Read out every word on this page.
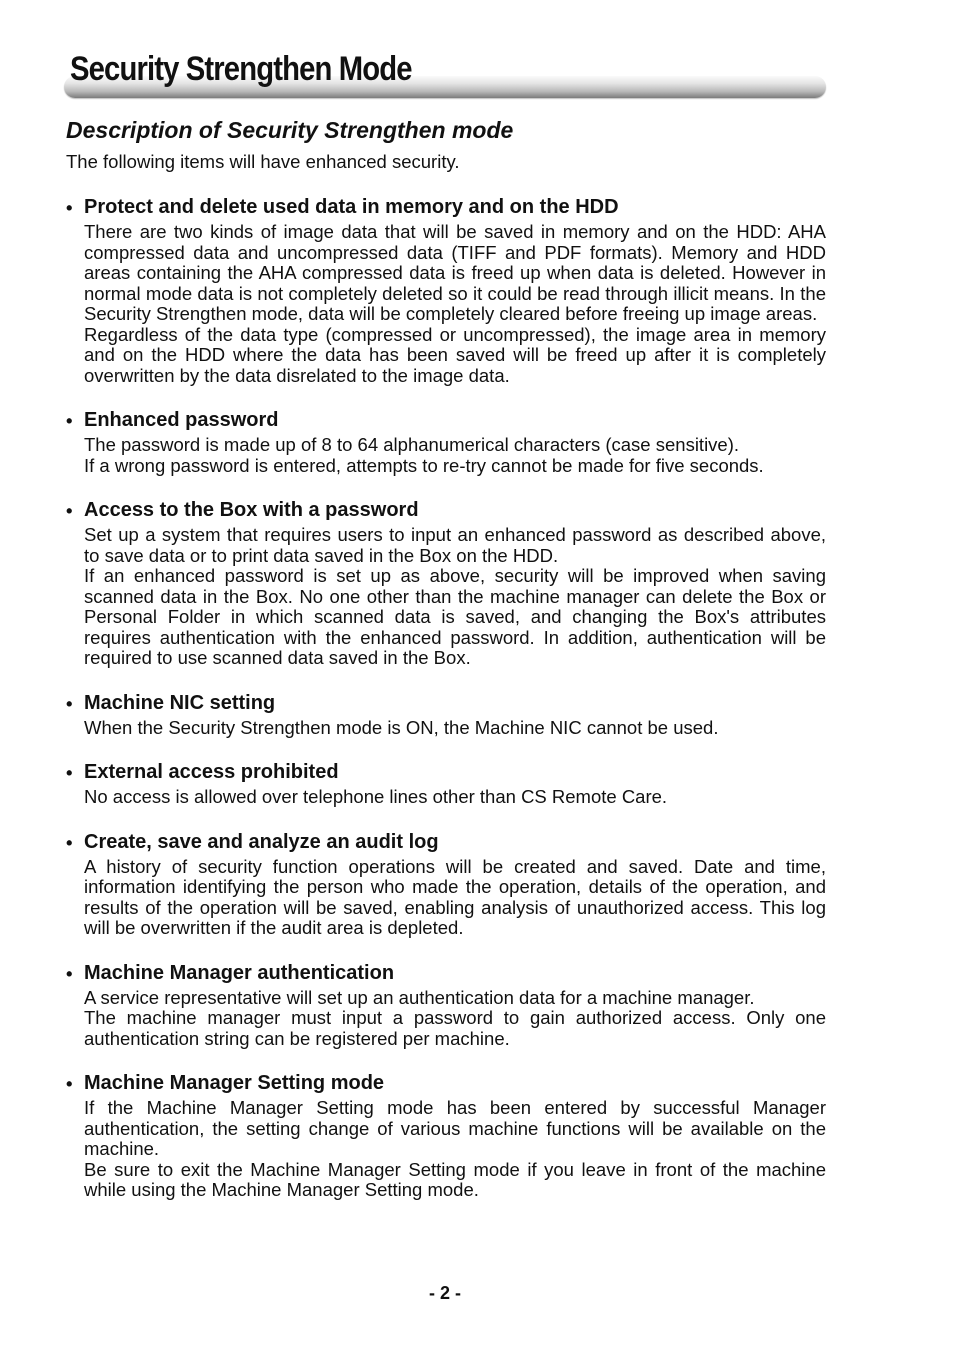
Security Strengthen Mode
Description of Security Strengthen mode

The following items will have enhanced security.

• Protect and delete used data in memory and on the HDD

There are two kinds of image data that will be saved in memory and on the HDD: AHA compressed data and uncompressed data (TIFF and PDF formats). Memory and HDD areas containing the AHA compressed data is freed up when data is deleted. However in normal mode data is not completely deleted so it could be read through illicit means. In the Security Strengthen mode, data will be completely cleared before freeing up image areas.

Regardless of the data type (compressed or uncompressed), the image area in memory and on the HDD where the data has been saved will be freed up after it is completely overwritten by the data disrelated to the image data.

• Enhanced password

The password is made up of 8 to 64 alphanumerical characters (case sensitive).

If a wrong password is entered, attempts to re-try cannot be made for five seconds.

• Access to the Box with a password

Set up a system that requires users to input an enhanced password as described above, to save data or to print data saved in the Box on the HDD.

If an enhanced password is set up as above, security will be improved when saving scanned data in the Box. No one other than the machine manager can delete the Box or Personal Folder in which scanned data is saved, and changing the Box's attributes requires authentication with the enhanced password. In addition, authentication will be required to use scanned data saved in the Box.

• Machine NIC setting

When the Security Strengthen mode is ON, the Machine NIC cannot be used.

• External access prohibited

No access is allowed over telephone lines other than CS Remote Care.

• Create, save and analyze an audit log

A history of security function operations will be created and saved. Date and time, information identifying the person who made the operation, details of the operation, and results of the operation will be saved, enabling analysis of unauthorized access. This log will be overwritten if the audit area is depleted.

• Machine Manager authentication

A service representative will set up an authentication data for a machine manager.

The machine manager must input a password to gain authorized access. Only one authentication string can be registered per machine.

• Machine Manager Setting mode

If the Machine Manager Setting mode has been entered by successful Manager authentication, the setting change of various machine functions will be available on the machine.

Be sure to exit the Machine Manager Setting mode if you leave in front of the machine while using the Machine Manager Setting mode.

- 2 -
